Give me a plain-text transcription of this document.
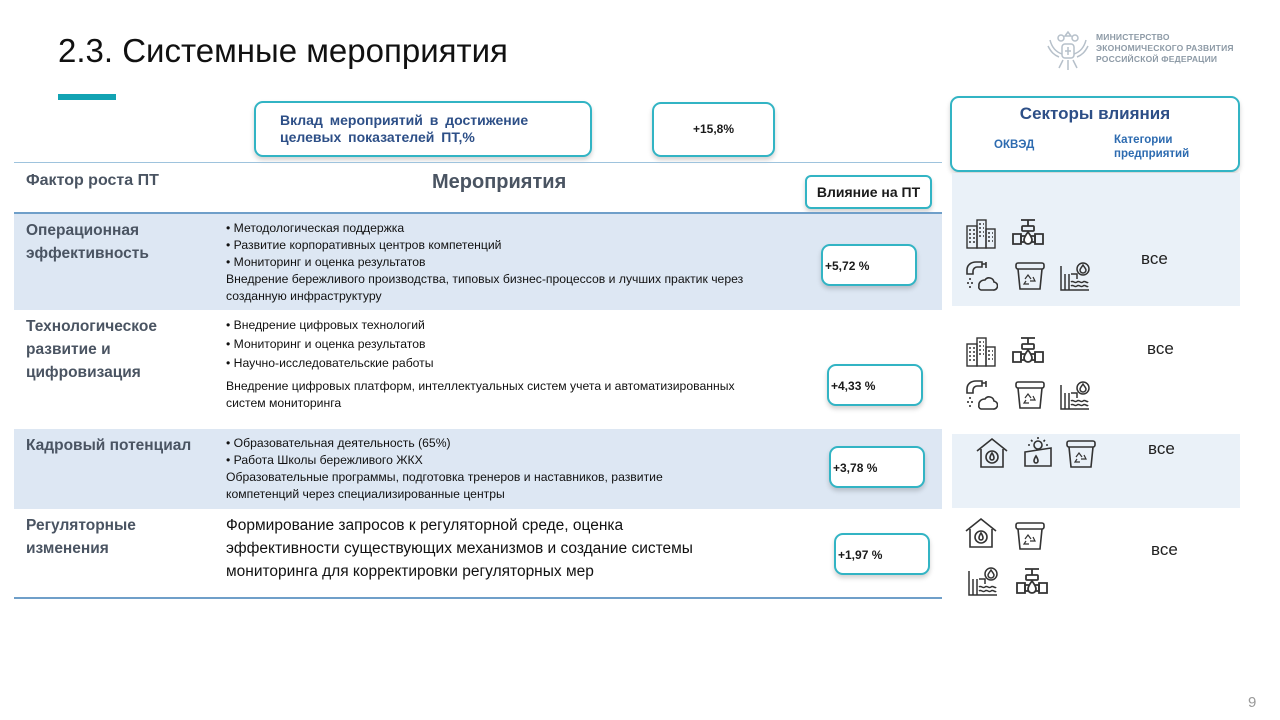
2.3. Системные мероприятия	МИНИСТЕРСТВО
ЭКОНОМИЧЕСКОГО РАЗВИТИЯ
РОССИЙСКОЙ ФЕДЕРАЦИИ
Вклад мероприятий в достижение
целевых показателей ПТ,%	+15,8%
Фактор роста ПТ	Мероприятия	Влияние на ПТ
Операционная
эффективность
• Методологическая поддержка
• Развитие корпоративных центров компетенций
• Мониторинг и оценка результатов
Внедрение бережливого производства, типовых бизнес-процессов и лучших практик через
созданную инфраструктуру
+5,72 %
Технологическое
развитие и
цифровизация
• Внедрение цифровых технологий
• Мониторинг и оценка результатов
• Научно-исследовательские работы
Внедрение цифровых платформ, интеллектуальных систем учета и автоматизированных
систем мониторинга
+4,33 %
Кадровый потенциал
•	Образовательная деятельность (65%)
• Работа Школы бережливого ЖКХ
Образовательные программы, подготовка тренеров и наставников, развитие
компетенций через специализированные центры
+3,78 %
Регуляторные
изменения
Формирование запросов к регуляторной среде, оценка
эффективности существующих механизмов и создание системы
мониторинга для корректировки регуляторных мер
+1,97 %
Секторы влияния
ОКВЭД	Категории
предприятий
все
все
все
все
9
